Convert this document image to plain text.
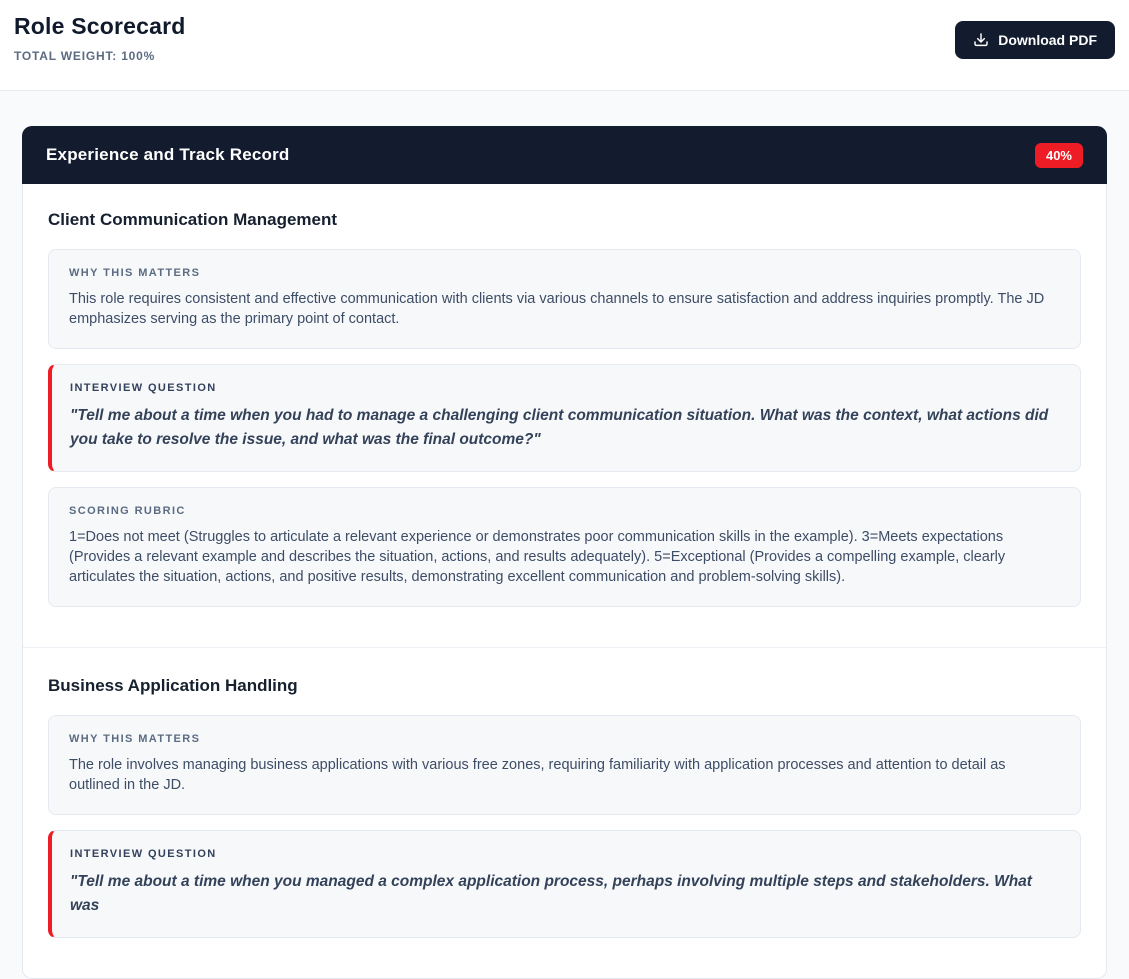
Role Scorecard
TOTAL WEIGHT: 100%
Download PDF
Experience and Track Record	40%
Client Communication Management
WHY THIS MATTERS

This role requires consistent and effective communication with clients via various channels to ensure satisfaction and address inquiries promptly. The JD emphasizes serving as the primary point of contact.

INTERVIEW QUESTION

"Tell me about a time when you had to manage a challenging client communication situation. What was the context, what actions did you take to resolve the issue, and what was the final outcome?"

SCORING RUBRIC

1=Does not meet (Struggles to articulate a relevant experience or demonstrates poor communication skills in the example). 3=Meets expectations (Provides a relevant example and describes the situation, actions, and results adequately). 5=Exceptional (Provides a compelling example, clearly articulates the situation, actions, and positive results, demonstrating excellent communication and problem-solving skills).

Business Application Handling
WHY THIS MATTERS

The role involves managing business applications with various free zones, requiring familiarity with application processes and attention to detail as outlined in the JD.

INTERVIEW QUESTION

"Tell me about a time when you managed a complex application process, perhaps involving multiple steps and stakeholders. What was
